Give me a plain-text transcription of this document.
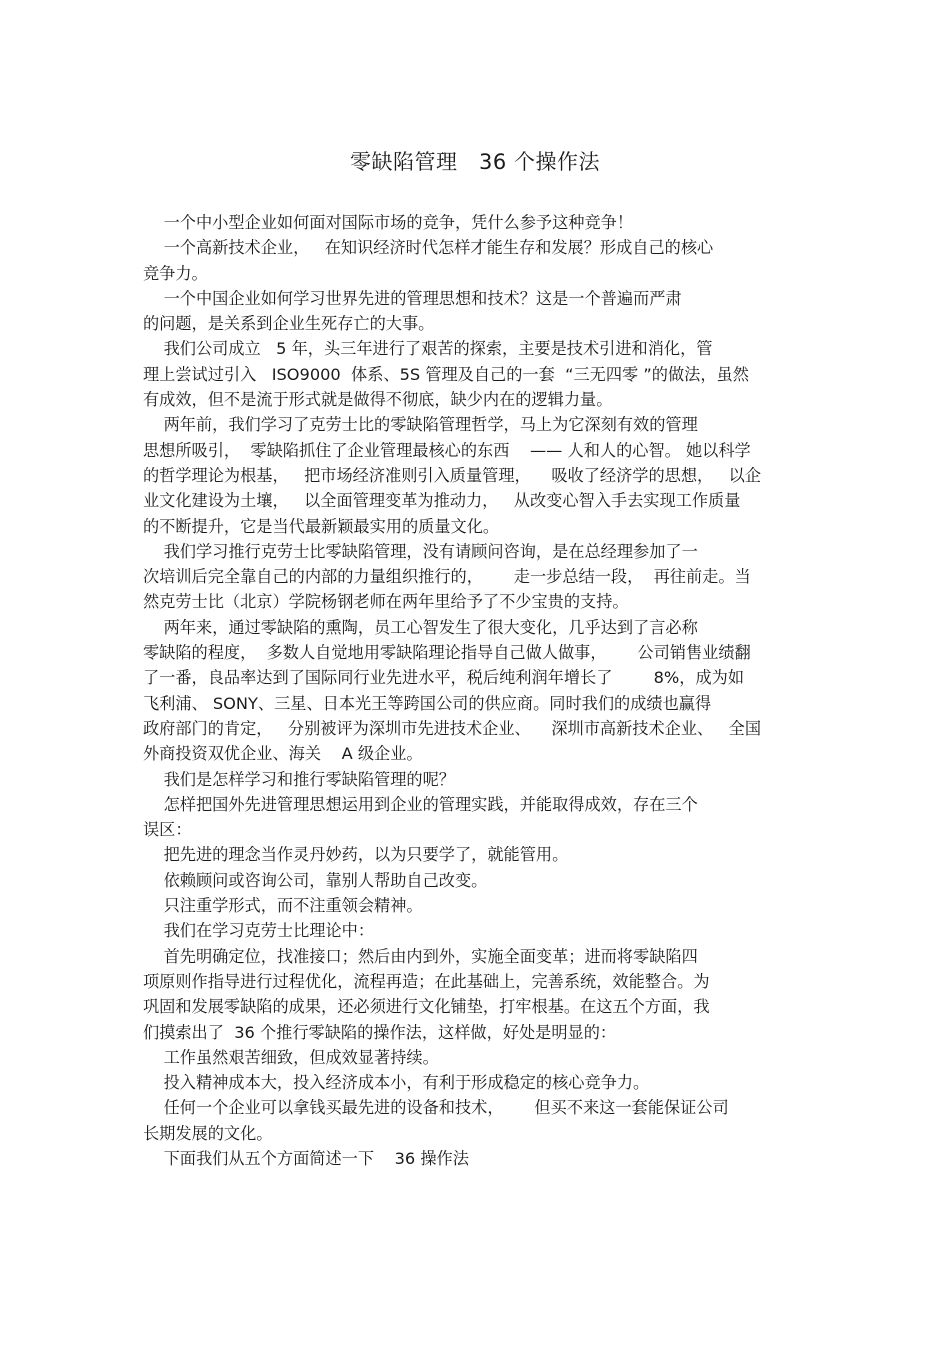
零缺陷管理   36 个操作法
一个中小型企业如何面对国际市场的竞争，凭什么参予这种竞争！
一个高新技术企业，   在知识经济时代怎样才能生存和发展？形成自己的核心
竞争力。
一个中国企业如何学习世界先进的管理思想和技术？这是一个普遍而严肃
的问题，是关系到企业生死存亡的大事。
我们公司成立   5 年，头三年进行了艰苦的探索，主要是技术引进和消化，管
理上尝试过引入   ISO9000  体系、5S 管理及自己的一套  “三无四零 ”的做法，虽然
有成效，但不是流于形式就是做得不彻底，缺少内在的逻辑力量。
两年前，我们学习了克劳士比的零缺陷管理哲学，马上为它深刻有效的管理
思想所吸引，  零缺陷抓住了企业管理最核心的东西    —— 人和人的心智。 她以科学
的哲学理论为根基，   把市场经济准则引入质量管理，    吸收了经济学的思想，   以企
业文化建设为土壤，   以全面管理变革为推动力，   从改变心智入手去实现工作质量
的不断提升，它是当代最新颖最实用的质量文化。
我们学习推行克劳士比零缺陷管理，没有请顾问咨询，是在总经理参加了一
次培训后完全靠自己的内部的力量组织推行的，      走一步总结一段，  再往前走。当
然克劳士比（北京）学院杨钢老师在两年里给予了不少宝贵的支持。
两年来，通过零缺陷的熏陶，员工心智发生了很大变化，几乎达到了言必称
零缺陷的程度，  多数人自觉地用零缺陷理论指导自己做人做事，      公司销售业绩翻
了一番，良品率达到了国际同行业先进水平，税后纯利润年增长了        8%，成为如
飞利浦、 SONY、三星、日本光王等跨国公司的供应商。同时我们的成绩也赢得
政府部门的肯定，   分别被评为深圳市先进技术企业、    深圳市高新技术企业、   全国
外商投资双优企业、海关    A 级企业。
我们是怎样学习和推行零缺陷管理的呢？
怎样把国外先进管理思想运用到企业的管理实践，并能取得成效，存在三个
误区：
把先进的理念当作灵丹妙药，以为只要学了，就能管用。
依赖顾问或咨询公司，靠别人帮助自己改变。
只注重学形式，而不注重领会精神。
我们在学习克劳士比理论中：
首先明确定位，找准接口；然后由内到外，实施全面变革；进而将零缺陷四
项原则作指导进行过程优化，流程再造；在此基础上，完善系统，效能整合。为
巩固和发展零缺陷的成果，还必须进行文化铺垫，打牢根基。在这五个方面，我
们摸索出了  36 个推行零缺陷的操作法，这样做，好处是明显的：
工作虽然艰苦细致，但成效显著持续。
投入精神成本大，投入经济成本小，有利于形成稳定的核心竞争力。
任何一个企业可以拿钱买最先进的设备和技术，      但买不来这一套能保证公司
长期发展的文化。
下面我们从五个方面简述一下    36 操作法
